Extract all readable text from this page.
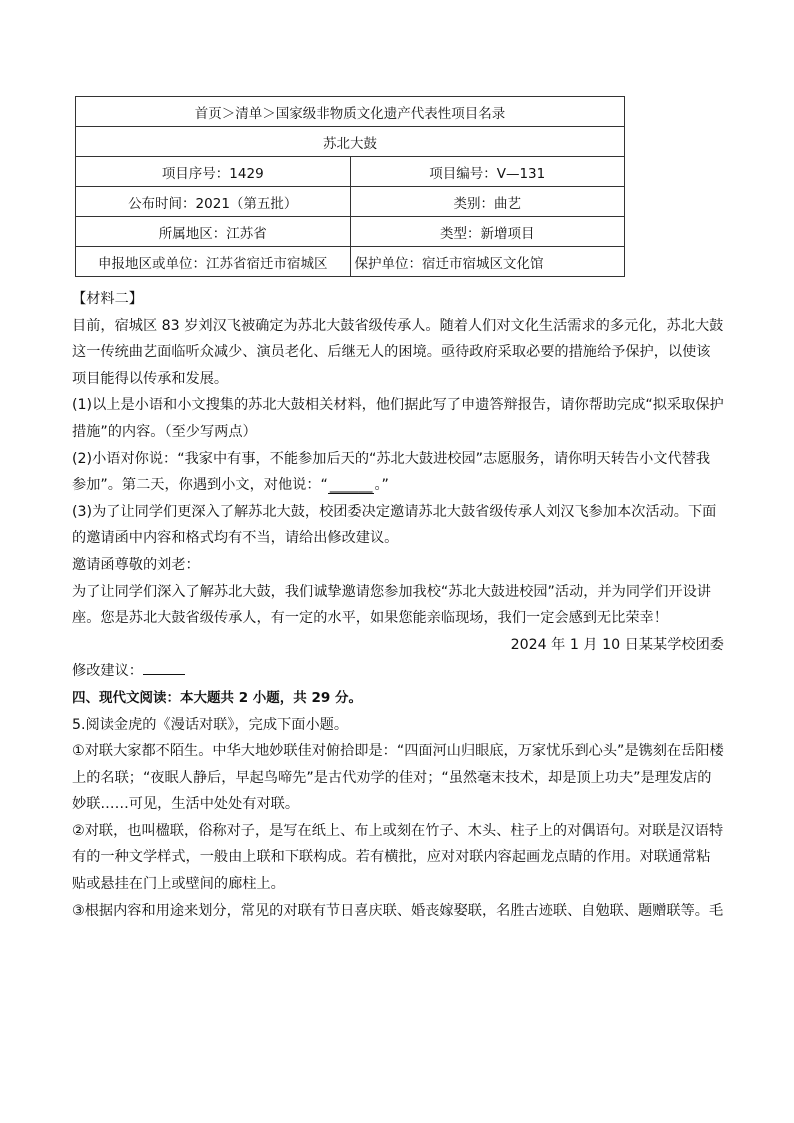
首页＞清单＞国家级非物质文化遗产代表性项目名录	
苏北大鼓	
项目序号：1429	项目编号：Ⅴ—131
公布时间：2021（第五批）	类别：曲艺
所属地区：江苏省	类型：新增项目
申报地区或单位：江苏省宿迁市宿城区	保护单位：宿迁市宿城区文化馆

【材料二】

目前，宿城区 83 岁刘汉飞被确定为苏北大鼓省级传承人。随着人们对文化生活需求的多元化，苏北大鼓这一传统曲艺面临听众减少、演员老化、后继无人的困境。亟待政府采取必要的措施给予保护，以使该项目能得以传承和发展。

(1)以上是小语和小文搜集的苏北大鼓相关材料，他们据此写了申遗答辩报告，请你帮助完成“拟采取保护措施”的内容。（至少写两点）

(2)小语对你说：“我家中有事，不能参加后天的“苏北大鼓进校园”志愿服务，请你明天转告小文代替我参加”。第二天，你遇到小文，对他说：“ ______ 。”

(3)为了让同学们更深入了解苏北大鼓，校团委决定邀请苏北大鼓省级传承人刘汉飞参加本次活动。下面的邀请函中内容和格式均有不当，请给出修改建议。

邀请函尊敬的刘老：

为了让同学们深入了解苏北大鼓，我们诚挚邀请您参加我校“苏北大鼓进校园”活动，并为同学们开设讲座。您是苏北大鼓省级传承人，有一定的水平，如果您能亲临现场，我们一定会感到无比荣幸！

2024 年 1 月 10 日某某学校团委

修改建议：

四、现代文阅读：本大题共 2 小题，共 29 分。

5.阅读金虎的《漫话对联》，完成下面小题。

①对联大家都不陌生。中华大地妙联佳对俯拾即是：“四面河山归眼底，万家忧乐到心头”是镌刻在岳阳楼上的名联；“夜眠人静后，早起鸟啼先”是古代劝学的佳对；“虽然毫末技术，却是顶上功夫”是理发店的妙联……可见，生活中处处有对联。

②对联，也叫楹联，俗称对子，是写在纸上、布上或刻在竹子、木头、柱子上的对偶语句。对联是汉语特有的一种文学样式，一般由上联和下联构成。若有横批，应对对联内容起画龙点睛的作用。对联通常粘贴或悬挂在门上或壁间的廊柱上。

③根据内容和用途来划分，常见的对联有节日喜庆联、婚丧嫁娶联，名胜古迹联、自勉联、题赠联等。毛
